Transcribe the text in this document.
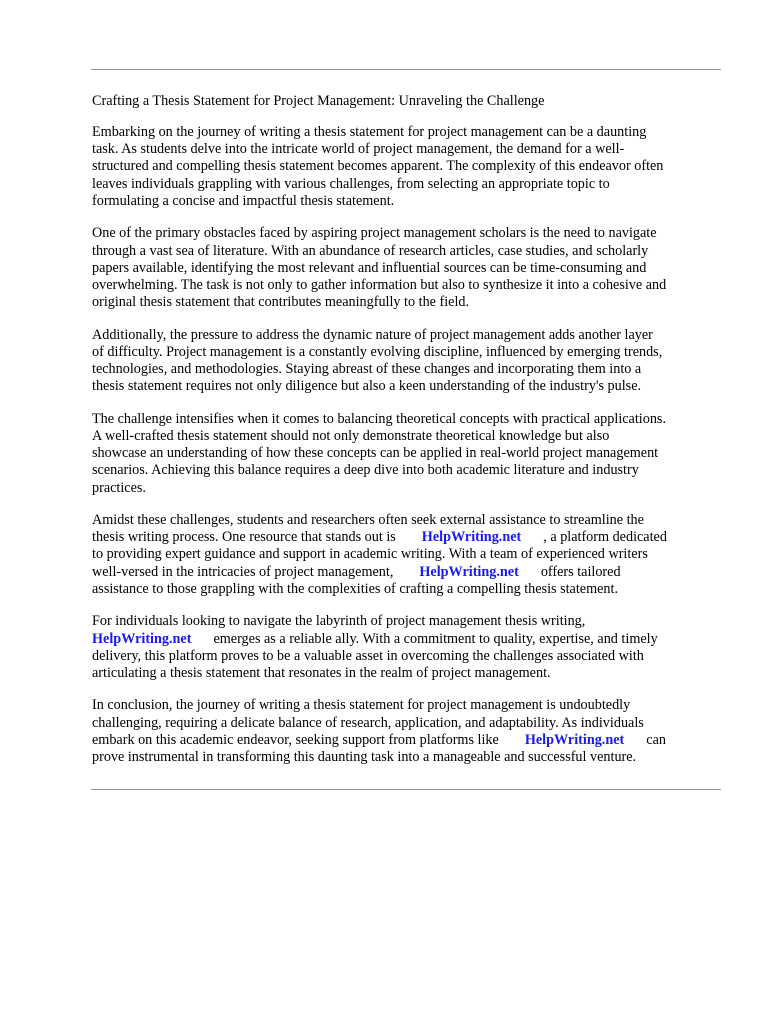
Crafting a Thesis Statement for Project Management: Unraveling the Challenge
Embarking on the journey of writing a thesis statement for project management can be a daunting
task. As students delve into the intricate world of project management, the demand for a well-
structured and compelling thesis statement becomes apparent. The complexity of this endeavor often
leaves individuals grappling with various challenges, from selecting an appropriate topic to
formulating a concise and impactful thesis statement.
One of the primary obstacles faced by aspiring project management scholars is the need to navigate
through a vast sea of literature. With an abundance of research articles, case studies, and scholarly
papers available, identifying the most relevant and influential sources can be time-consuming and
overwhelming. The task is not only to gather information but also to synthesize it into a cohesive and
original thesis statement that contributes meaningfully to the field.
Additionally, the pressure to address the dynamic nature of project management adds another layer
of difficulty. Project management is a constantly evolving discipline, influenced by emerging trends,
technologies, and methodologies. Staying abreast of these changes and incorporating them into a
thesis statement requires not only diligence but also a keen understanding of the industry's pulse.
The challenge intensifies when it comes to balancing theoretical concepts with practical applications.
A well-crafted thesis statement should not only demonstrate theoretical knowledge but also
showcase an understanding of how these concepts can be applied in real-world project management
scenarios. Achieving this balance requires a deep dive into both academic literature and industry
practices.
Amidst these challenges, students and researchers often seek external assistance to streamline the
thesis writing process. One resource that stands out is HelpWriting.net , a platform dedicated
to providing expert guidance and support in academic writing. With a team of experienced writers
well-versed in the intricacies of project management, HelpWriting.net offers tailored
assistance to those grappling with the complexities of crafting a compelling thesis statement.
For individuals looking to navigate the labyrinth of project management thesis writing,
HelpWriting.net emerges as a reliable ally. With a commitment to quality, expertise, and timely
delivery, this platform proves to be a valuable asset in overcoming the challenges associated with
articulating a thesis statement that resonates in the realm of project management.
In conclusion, the journey of writing a thesis statement for project management is undoubtedly
challenging, requiring a delicate balance of research, application, and adaptability. As individuals
embark on this academic endeavor, seeking support from platforms like HelpWriting.net can
prove instrumental in transforming this daunting task into a manageable and successful venture.
